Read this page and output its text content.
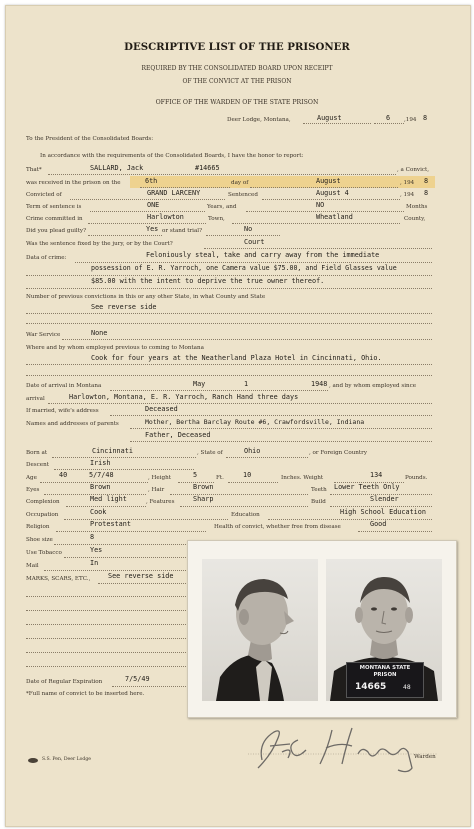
DESCRIPTIVE LIST OF THE PRISONER
REQUIRED BY THE CONSOLIDATED BOARD UPON RECEIPT
OF THE CONVICT AT THE PRISON
OFFICE OF THE WARDEN OF THE STATE PRISON
Deer Lodge, Montana,	August	6 ,194 8
To the President of the Consolidated Boards:
In accordance with the requirements of the Consolidated Boards, I have the honor to report:
That*	SALLARD, Jack	#14665	, a Convict,
was received in the prison on the	6th	day of	August	, 194 8
Convicted of	GRAND LARCENY	Sentenced	August 4	, 194 8
Term of sentence is	ONE	Years, and	NO	Months
Crime committed in	Harlowton	Town,	Wheatland	County,
Did you plead guilty?	Yes or stand trial?	No
Was the sentence fixed by the jury, or by the Court?	Court
Data of crime:	Feloniously steal, take and carry away from the immediate
possession of E. R. Yarroch, one Camera value $75.00, and Field Glasses value
$85.00 with the intent to deprive the true owner thereof.
Number of previous convictions in this or any other State, in what County and State
See reverse side
War Service	None
Where and by whom employed previous to coming to Montana
Cook for four years at the Neatherland Plaza Hotel in Cincinnati, Ohio.
Date of arrival in Montana	May	1	1948 , and by whom employed since
arrival	Harlowton, Montana, E. R. Yarroch, Ranch Hand three days
If married, wife's address	Deceased
Names and addresses of parents	Mother, Bertha Barclay Route #6, Crawfordsville, Indiana
Father, Deceased
Born at	Cincinnati	, State of	Ohio	, or Foreign Country
Descent	Irish
Age	40	5/7/48	, Height	5	Ft.	10	Inches. Weight	134	Pounds.
Eyes	Brown	, Hair	Brown	Teeth Lower Teeth Only
Complexion	Med light	, Features	Sharp	Build	Slender
Occupation	Cook	Education	High School Education
Religion	Protestant	Health of convict, whether free from disease	Good
Shoe size	8
Use Tobacco	Yes
Mail	In
MARKS, SCARS, ETC.,	See reverse side
Date of Regular Expiration	7/5/49
*Full name of convict to be inserted here.
MONTANA STATE
PRISON
14665	48
Warden
S.S. Pen, Deer Lodge
